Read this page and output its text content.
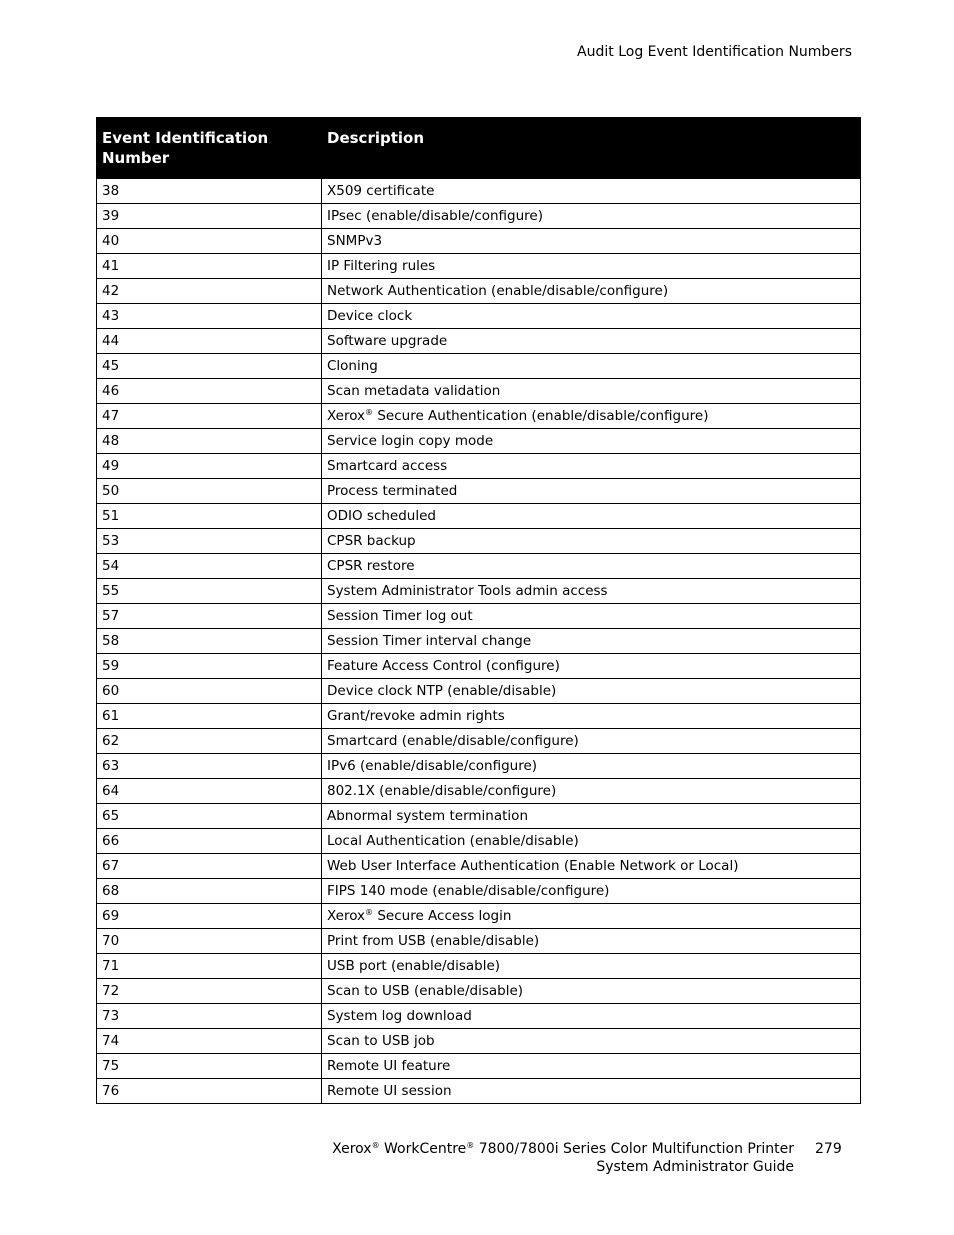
Audit Log Event Identification Numbers
Event Identification Number	Description
38	X509 certificate
39	IPsec (enable/disable/configure)
40	SNMPv3
41	IP Filtering rules
42	Network Authentication (enable/disable/configure)
43	Device clock
44	Software upgrade
45	Cloning
46	Scan metadata validation
47	Xerox® Secure Authentication (enable/disable/configure)
48	Service login copy mode
49	Smartcard access
50	Process terminated
51	ODIO scheduled
53	CPSR backup
54	CPSR restore
55	System Administrator Tools admin access
57	Session Timer log out
58	Session Timer interval change
59	Feature Access Control (configure)
60	Device clock NTP (enable/disable)
61	Grant/revoke admin rights
62	Smartcard (enable/disable/configure)
63	IPv6 (enable/disable/configure)
64	802.1X (enable/disable/configure)
65	Abnormal system termination
66	Local Authentication (enable/disable)
67	Web User Interface Authentication (Enable Network or Local)
68	FIPS 140 mode (enable/disable/configure)
69	Xerox® Secure Access login
70	Print from USB (enable/disable)
71	USB port (enable/disable)
72	Scan to USB (enable/disable)
73	System log download
74	Scan to USB job
75	Remote UI feature
76	Remote UI session
Xerox® WorkCentre® 7800/7800i Series Color Multifunction Printer
System Administrator Guide
279
